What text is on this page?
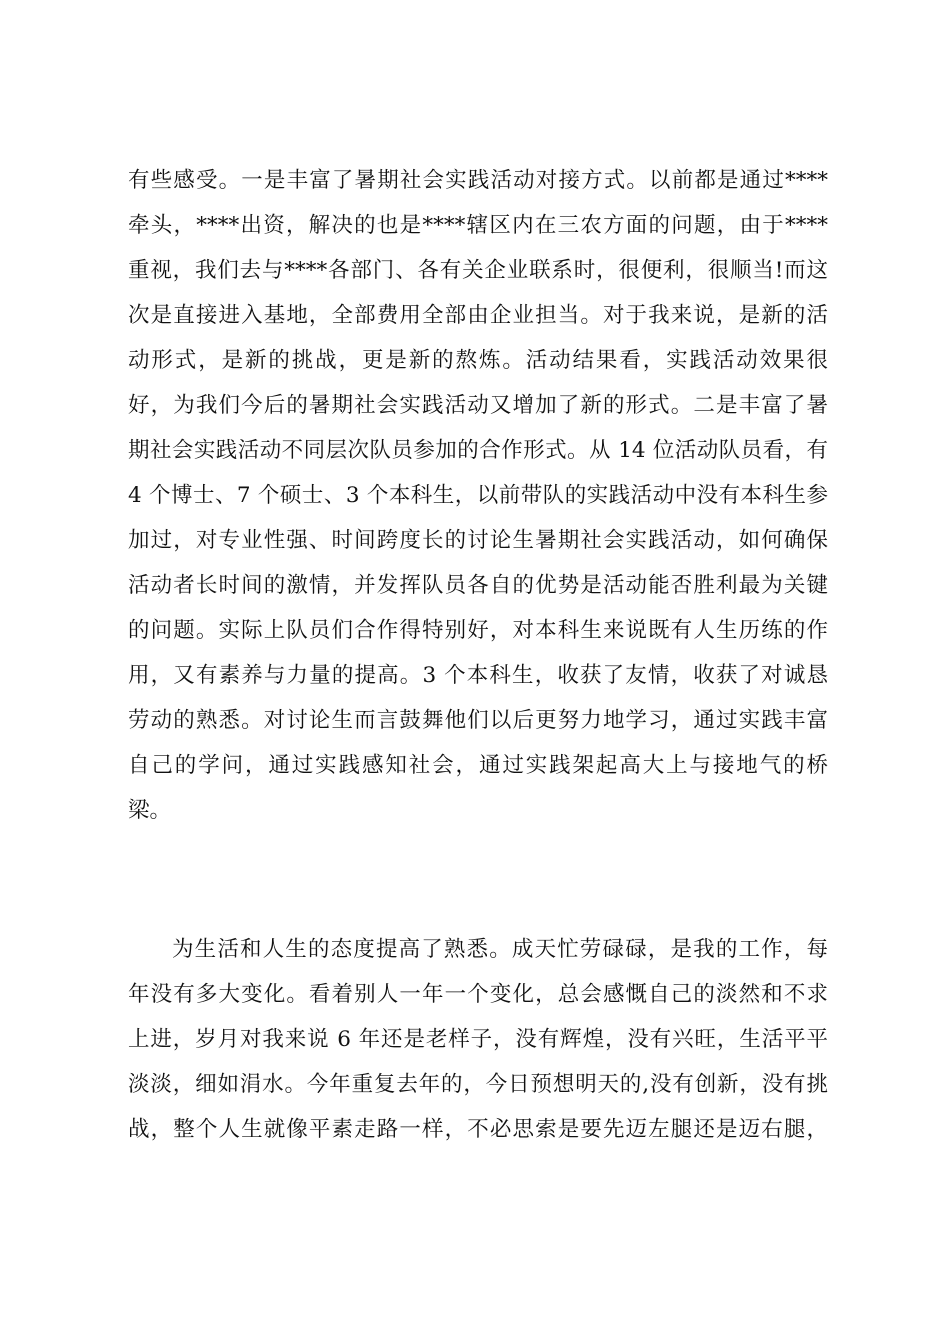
有些感受。一是丰富了暑期社会实践活动对接方式。以前都是通过****
牵头，****出资，解决的也是****辖区内在三农方面的问题，由于****
重视，我们去与****各部门、各有关企业联系时，很便利，很顺当!而这
次是直接进入基地，全部费用全部由企业担当。对于我来说，是新的活
动形式，是新的挑战，更是新的熬炼。活动结果看，实践活动效果很
好，为我们今后的暑期社会实践活动又增加了新的形式。二是丰富了暑
期社会实践活动不同层次队员参加的合作形式。从 14 位活动队员看，有
4 个博士、7 个硕士、3 个本科生，以前带队的实践活动中没有本科生参
加过，对专业性强、时间跨度长的讨论生暑期社会实践活动，如何确保
活动者长时间的激情，并发挥队员各自的优势是活动能否胜利最为关键
的问题。实际上队员们合作得特别好，对本科生来说既有人生历练的作
用，又有素养与力量的提高。3 个本科生，收获了友情，收获了对诚恳
劳动的熟悉。对讨论生而言鼓舞他们以后更努力地学习，通过实践丰富
自己的学问，通过实践感知社会，通过实践架起高大上与接地气的桥
梁。
为生活和人生的态度提高了熟悉。成天忙劳碌碌，是我的工作，每
年没有多大变化。看着别人一年一个变化，总会感慨自己的淡然和不求
上进，岁月对我来说 6 年还是老样子，没有辉煌，没有兴旺，生活平平
淡淡，细如涓水。今年重复去年的，今日预想明天的,没有创新，没有挑
战，整个人生就像平素走路一样，不必思索是要先迈左腿还是迈右腿，
